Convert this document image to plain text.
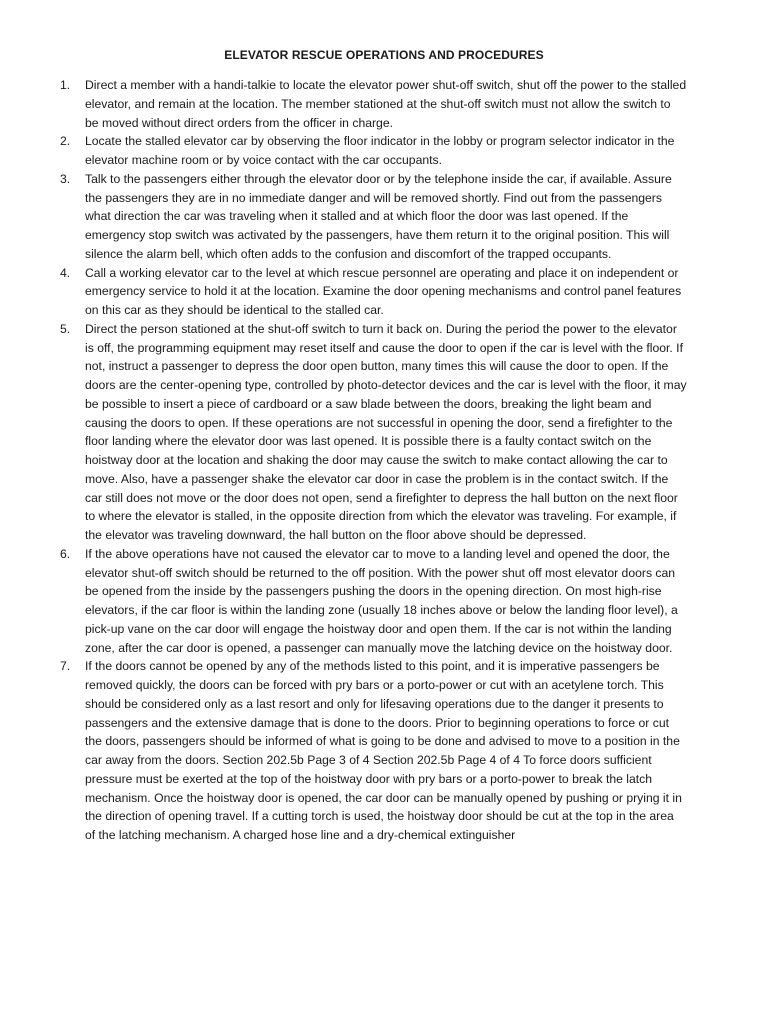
ELEVATOR RESCUE OPERATIONS AND PROCEDURES
1. Direct a member with a handi-talkie to locate the elevator power shut-off switch, shut off the power to the stalled elevator, and remain at the location. The member stationed at the shut-off switch must not allow the switch to be moved without direct orders from the officer in charge.
2. Locate the stalled elevator car by observing the floor indicator in the lobby or program selector indicator in the elevator machine room or by voice contact with the car occupants.
3. Talk to the passengers either through the elevator door or by the telephone inside the car, if available. Assure the passengers they are in no immediate danger and will be removed shortly. Find out from the passengers what direction the car was traveling when it stalled and at which floor the door was last opened. If the emergency stop switch was activated by the passengers, have them return it to the original position. This will silence the alarm bell, which often adds to the confusion and discomfort of the trapped occupants.
4. Call a working elevator car to the level at which rescue personnel are operating and place it on independent or emergency service to hold it at the location. Examine the door opening mechanisms and control panel features on this car as they should be identical to the stalled car.
5. Direct the person stationed at the shut-off switch to turn it back on. During the period the power to the elevator is off, the programming equipment may reset itself and cause the door to open if the car is level with the floor. If not, instruct a passenger to depress the door open button, many times this will cause the door to open. If the doors are the center-opening type, controlled by photo-detector devices and the car is level with the floor, it may be possible to insert a piece of cardboard or a saw blade between the doors, breaking the light beam and causing the doors to open. If these operations are not successful in opening the door, send a firefighter to the floor landing where the elevator door was last opened. It is possible there is a faulty contact switch on the hoistway door at the location and shaking the door may cause the switch to make contact allowing the car to move. Also, have a passenger shake the elevator car door in case the problem is in the contact switch. If the car still does not move or the door does not open, send a firefighter to depress the hall button on the next floor to where the elevator is stalled, in the opposite direction from which the elevator was traveling. For example, if the elevator was traveling downward, the hall button on the floor above should be depressed.
6. If the above operations have not caused the elevator car to move to a landing level and opened the door, the elevator shut-off switch should be returned to the off position. With the power shut off most elevator doors can be opened from the inside by the passengers pushing the doors in the opening direction. On most high-rise elevators, if the car floor is within the landing zone (usually 18 inches above or below the landing floor level), a pick-up vane on the car door will engage the hoistway door and open them. If the car is not within the landing zone, after the car door is opened, a passenger can manually move the latching device on the hoistway door.
7. If the doors cannot be opened by any of the methods listed to this point, and it is imperative passengers be removed quickly, the doors can be forced with pry bars or a porto-power or cut with an acetylene torch. This should be considered only as a last resort and only for lifesaving operations due to the danger it presents to passengers and the extensive damage that is done to the doors. Prior to beginning operations to force or cut the doors, passengers should be informed of what is going to be done and advised to move to a position in the car away from the doors. Section 202.5b Page 3 of 4 Section 202.5b Page 4 of 4 To force doors sufficient pressure must be exerted at the top of the hoistway door with pry bars or a porto-power to break the latch mechanism. Once the hoistway door is opened, the car door can be manually opened by pushing or prying it in the direction of opening travel. If a cutting torch is used, the hoistway door should be cut at the top in the area of the latching mechanism. A charged hose line and a dry-chemical extinguisher
